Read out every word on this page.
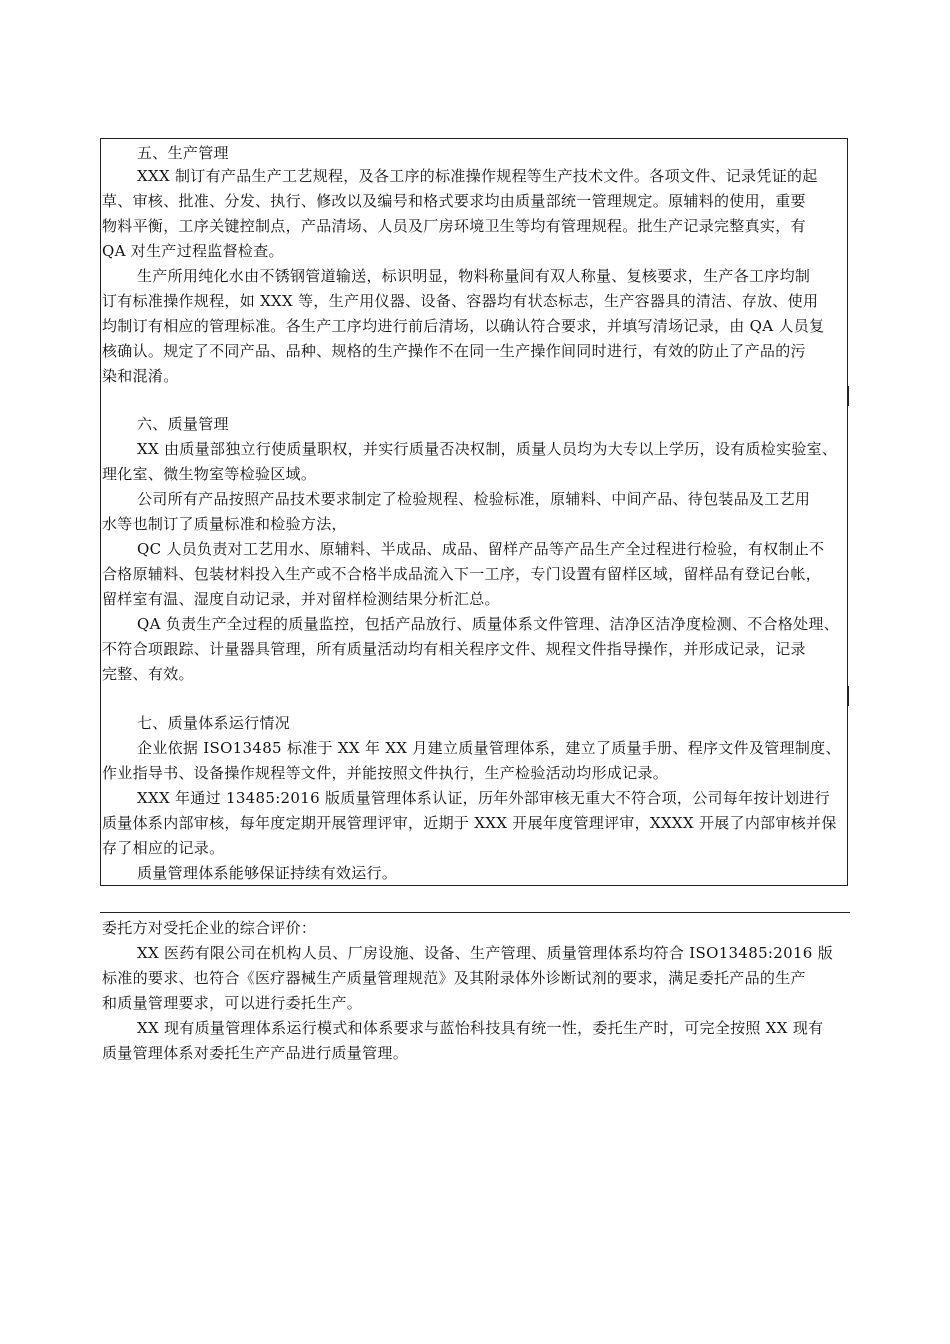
五、生产管理
XXX 制订有产品生产工艺规程，及各工序的标准操作规程等生产技术文件。各项文件、记录凭证的起
草、审核、批准、分发、执行、修改以及编号和格式要求均由质量部统一管理规定。原辅料的使用，重要
物料平衡，工序关键控制点，产品清场、人员及厂房环境卫生等均有管理规程。批生产记录完整真实，有
QA 对生产过程监督检查。
生产所用纯化水由不锈钢管道输送，标识明显，物料称量间有双人称量、复核要求，生产各工序均制
订有标准操作规程，如 XXX 等，生产用仪器、设备、容器均有状态标志，生产容器具的清洁、存放、使用
均制订有相应的管理标准。各生产工序均进行前后清场，以确认符合要求，并填写清场记录，由 QA 人员复
核确认。规定了不同产品、品种、规格的生产操作不在同一生产操作间同时进行，有效的防止了产品的污
染和混淆。
六、质量管理
XX 由质量部独立行使质量职权，并实行质量否决权制，质量人员均为大专以上学历，设有质检实验室、
理化室、微生物室等检验区域。
公司所有产品按照产品技术要求制定了检验规程、检验标准，原辅料、中间产品、待包装品及工艺用
水等也制订了质量标准和检验方法，
QC 人员负责对工艺用水、原辅料、半成品、成品、留样产品等产品生产全过程进行检验，有权制止不
合格原辅料、包装材料投入生产或不合格半成品流入下一工序，专门设置有留样区域，留样品有登记台帐，
留样室有温、湿度自动记录，并对留样检测结果分析汇总。
QA 负责生产全过程的质量监控，包括产品放行、质量体系文件管理、洁净区洁净度检测、不合格处理、
不符合项跟踪、计量器具管理，所有质量活动均有相关程序文件、规程文件指导操作，并形成记录，记录
完整、有效。
七、质量体系运行情况
企业依据 ISO13485 标准于 XX 年 XX 月建立质量管理体系，建立了质量手册、程序文件及管理制度、
作业指导书、设备操作规程等文件，并能按照文件执行，生产检验活动均形成记录。
XXX 年通过 13485:2016 版质量管理体系认证，历年外部审核无重大不符合项，公司每年按计划进行
质量体系内部审核，每年度定期开展管理评审，近期于 XXX 开展年度管理评审，XXXX 开展了内部审核并保
存了相应的记录。
质量管理体系能够保证持续有效运行。
委托方对受托企业的综合评价：
XX 医药有限公司在机构人员、厂房设施、设备、生产管理、质量管理体系均符合 ISO13485:2016 版
标准的要求、也符合《医疗器械生产质量管理规范》及其附录体外诊断试剂的要求，满足委托产品的生产
和质量管理要求，可以进行委托生产。
XX 现有质量管理体系运行模式和体系要求与蓝怡科技具有统一性，委托生产时，可完全按照 XX 现有
质量管理体系对委托生产产品进行质量管理。
